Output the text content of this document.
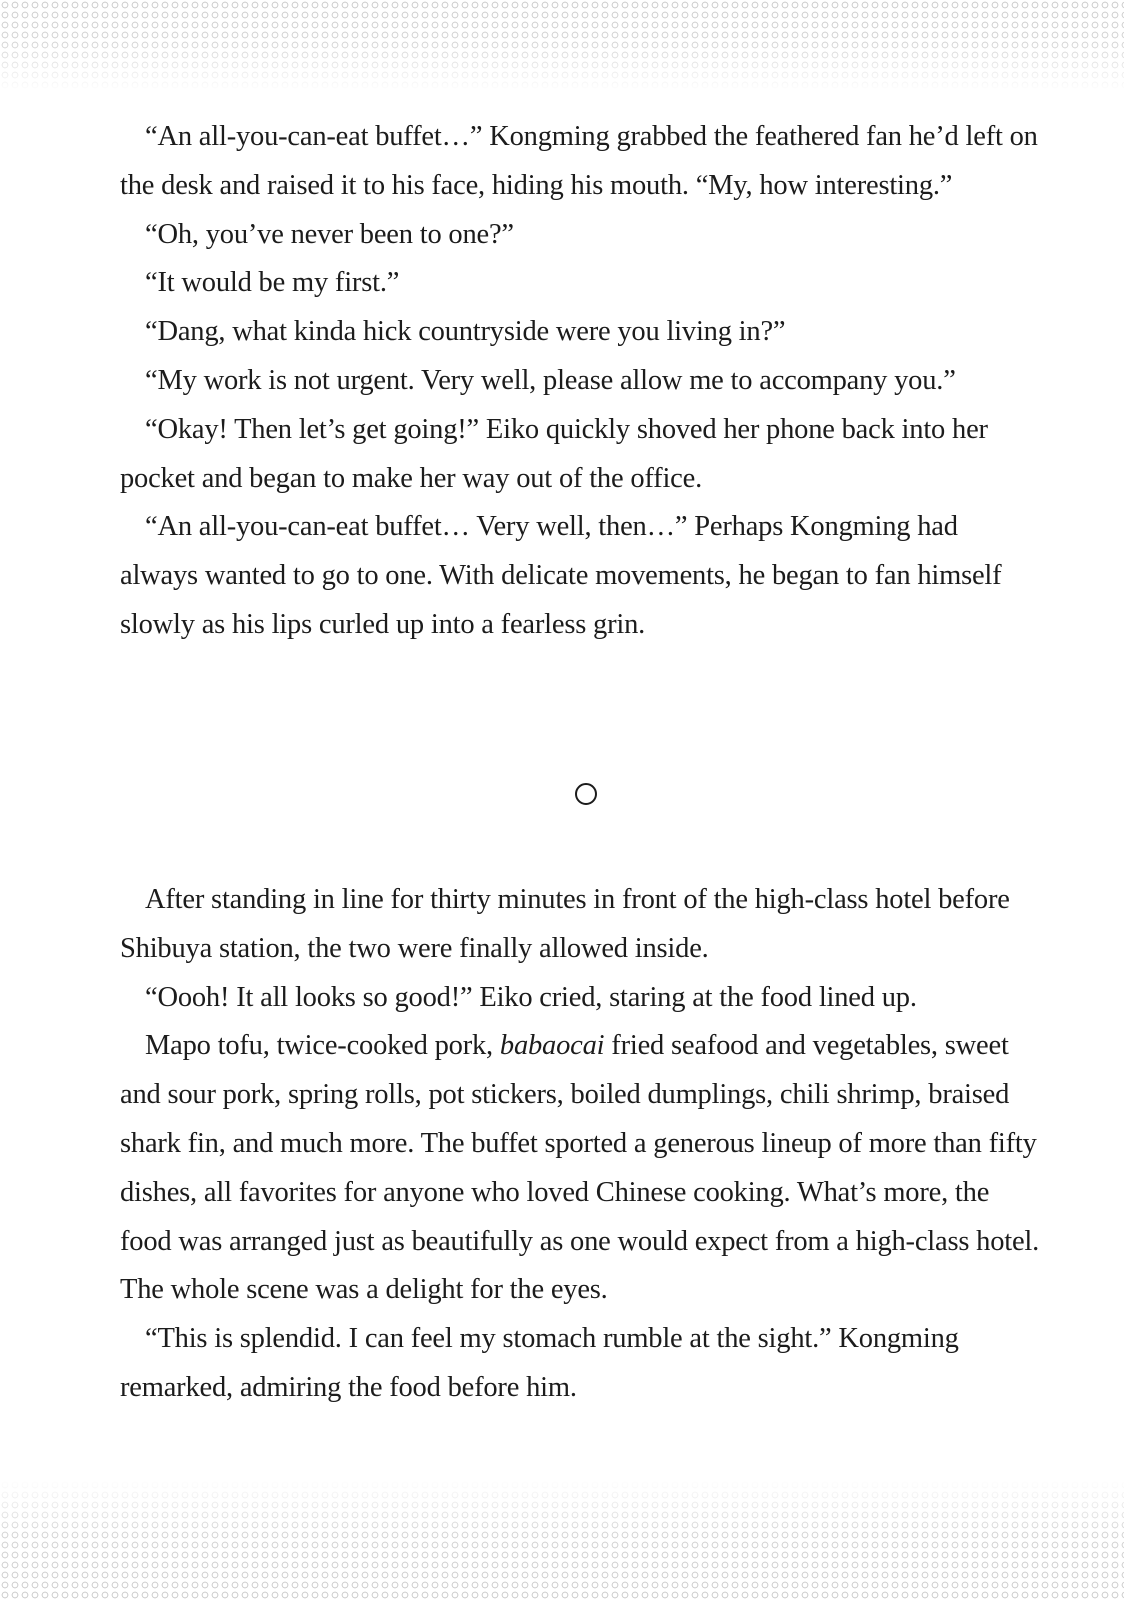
“An all-you-can-eat buffet…” Kongming grabbed the feathered fan he’d left on the desk and raised it to his face, hiding his mouth. “My, how interesting.”

“Oh, you’ve never been to one?”

“It would be my first.”

“Dang, what kinda hick countryside were you living in?”

“My work is not urgent. Very well, please allow me to accompany you.”

“Okay! Then let’s get going!” Eiko quickly shoved her phone back into her pocket and began to make her way out of the office.

“An all-you-can-eat buffet… Very well, then…” Perhaps Kongming had always wanted to go to one. With delicate movements, he began to fan himself slowly as his lips curled up into a fearless grin.

After standing in line for thirty minutes in front of the high-class hotel before Shibuya station, the two were finally allowed inside.

“Oooh! It all looks so good!” Eiko cried, staring at the food lined up.

Mapo tofu, twice-cooked pork, babaocai fried seafood and vegetables, sweet and sour pork, spring rolls, pot stickers, boiled dumplings, chili shrimp, braised shark fin, and much more. The buffet sported a generous lineup of more than fifty dishes, all favorites for anyone who loved Chinese cooking. What’s more, the food was arranged just as beautifully as one would expect from a high-class hotel. The whole scene was a delight for the eyes.

“This is splendid. I can feel my stomach rumble at the sight.” Kongming remarked, admiring the food before him.
